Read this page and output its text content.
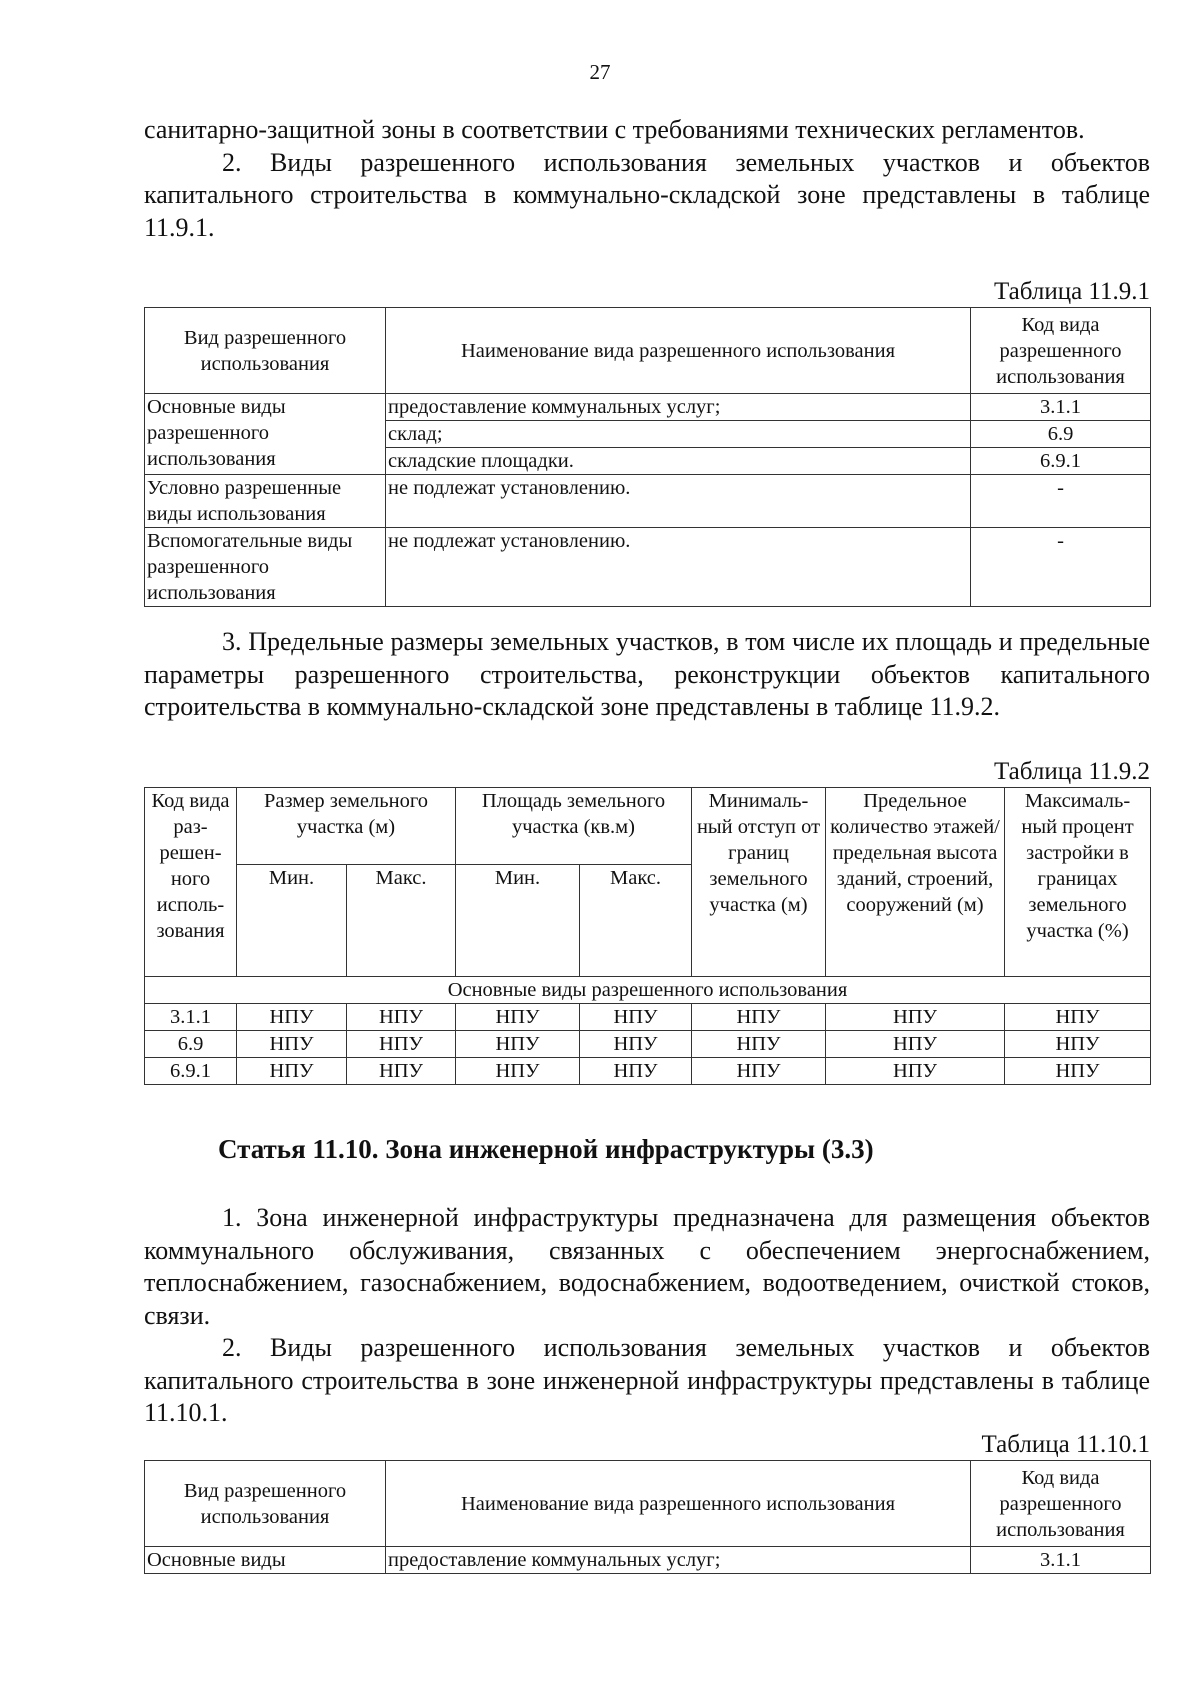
27

санитарно-защитной зоны в соответствии с требованиями технических регламентов.

2. Виды разрешенного использования земельных участков и объектов капитального строительства в коммунально-складской зоне представлены в таблице 11.9.1.

Таблица 11.9.1

Вид разрешенного использования	Наименование вида разрешенного использования	Код вида разрешенного использования
Основные виды разрешенного использования	предоставление коммунальных услуг;	3.1.1
	склад;	6.9
	складские площадки.	6.9.1
Условно разрешенные виды использования	не подлежат установлению.	-
Вспомогательные виды разрешенного использования	не подлежат установлению.	-

3. Предельные размеры земельных участков, в том числе их площадь и предельные параметры разрешенного строительства, реконструкции объектов капитального строительства в коммунально-складской зоне представлены в таблице 11.9.2.

Таблица 11.9.2

Код вида раз- решен- ного исполь- зования	Размер земельного участка (м)		Площадь земельного участка (кв.м)		Минималь- ный отступ от границ земельного участка (м)	Предельное количество этажей/ предельная высота зданий, строений, сооружений (м)	Максималь- ный процент застройки в границах земельного участка (%)
	Мин.	Макс.	Мин.	Макс.			
Основные виды разрешенного использования							
3.1.1	НПУ	НПУ	НПУ	НПУ	НПУ	НПУ	НПУ
6.9	НПУ	НПУ	НПУ	НПУ	НПУ	НПУ	НПУ
6.9.1	НПУ	НПУ	НПУ	НПУ	НПУ	НПУ	НПУ
Статья 11.10. Зона инженерной инфраструктуры (3.3)

1. Зона инженерной инфраструктуры предназначена для размещения объектов коммунального обслуживания, связанных с обеспечением энергоснабжением, теплоснабжением, газоснабжением, водоснабжением, водоотведением, очисткой стоков, связи.

2. Виды разрешенного использования земельных участков и объектов капитального строительства в зоне инженерной инфраструктуры представлены в таблице 11.10.1.

Таблица 11.10.1

Вид разрешенного использования	Наименование вида разрешенного использования	Код вида разрешенного использования
Основные виды	предоставление коммунальных услуг;	3.1.1
